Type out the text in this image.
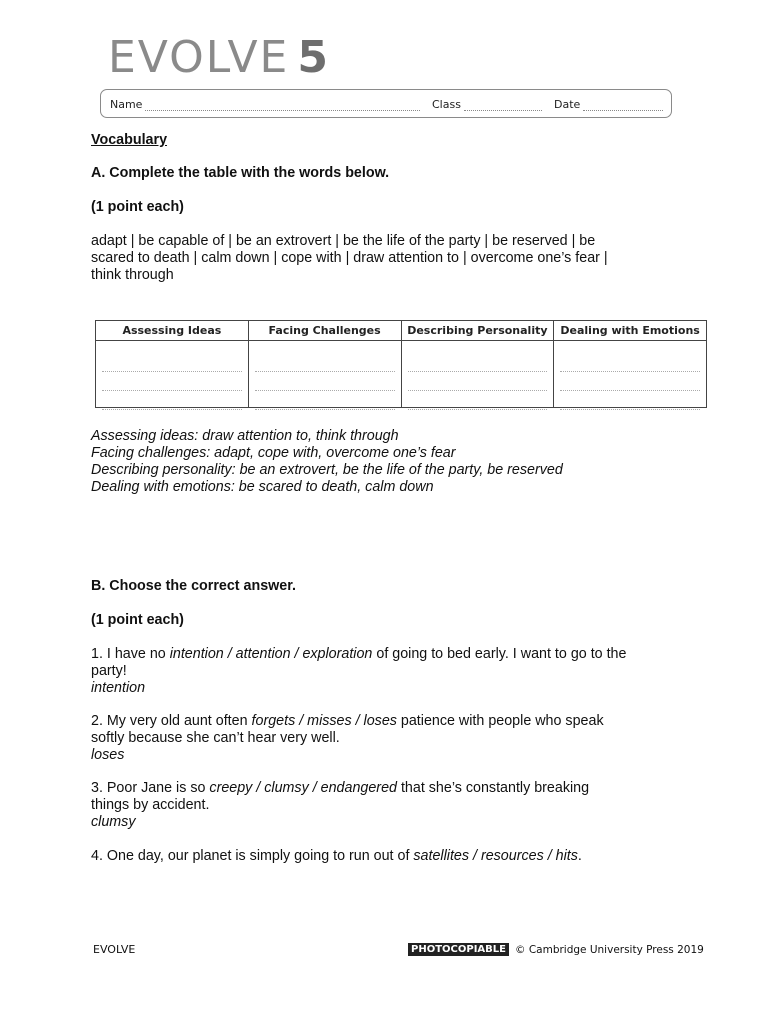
EVOLVE 5
Name	Class	Date

Vocabulary

A. Complete the table with the words below.

(1 point each)

adapt | be capable of | be an extrovert | be the life of the party | be reserved | be

scared to death | calm down | cope with | draw attention to | overcome one’s fear |

think through

Assessing Ideas	Facing Challenges	Describing Personality	Dealing with Emotions

Assessing ideas: draw attention to, think through

Facing challenges: adapt, cope with, overcome one’s fear

Describing personality: be an extrovert, be the life of the party, be reserved

Dealing with emotions: be scared to death, calm down

B. Choose the correct answer.

(1 point each)

1. I have no intention / attention / exploration of going to bed early. I want to go to the

party!

intention

2. My very old aunt often forgets / misses / loses patience with people who speak

softly because she can’t hear very well.

loses

3. Poor Jane is so creepy / clumsy / endangered that she’s constantly breaking

things by accident.

clumsy

4. One day, our planet is simply going to run out of satellites / resources / hits.

EVOLVE	PHOTOCOPIABLE © Cambridge University Press 2019
